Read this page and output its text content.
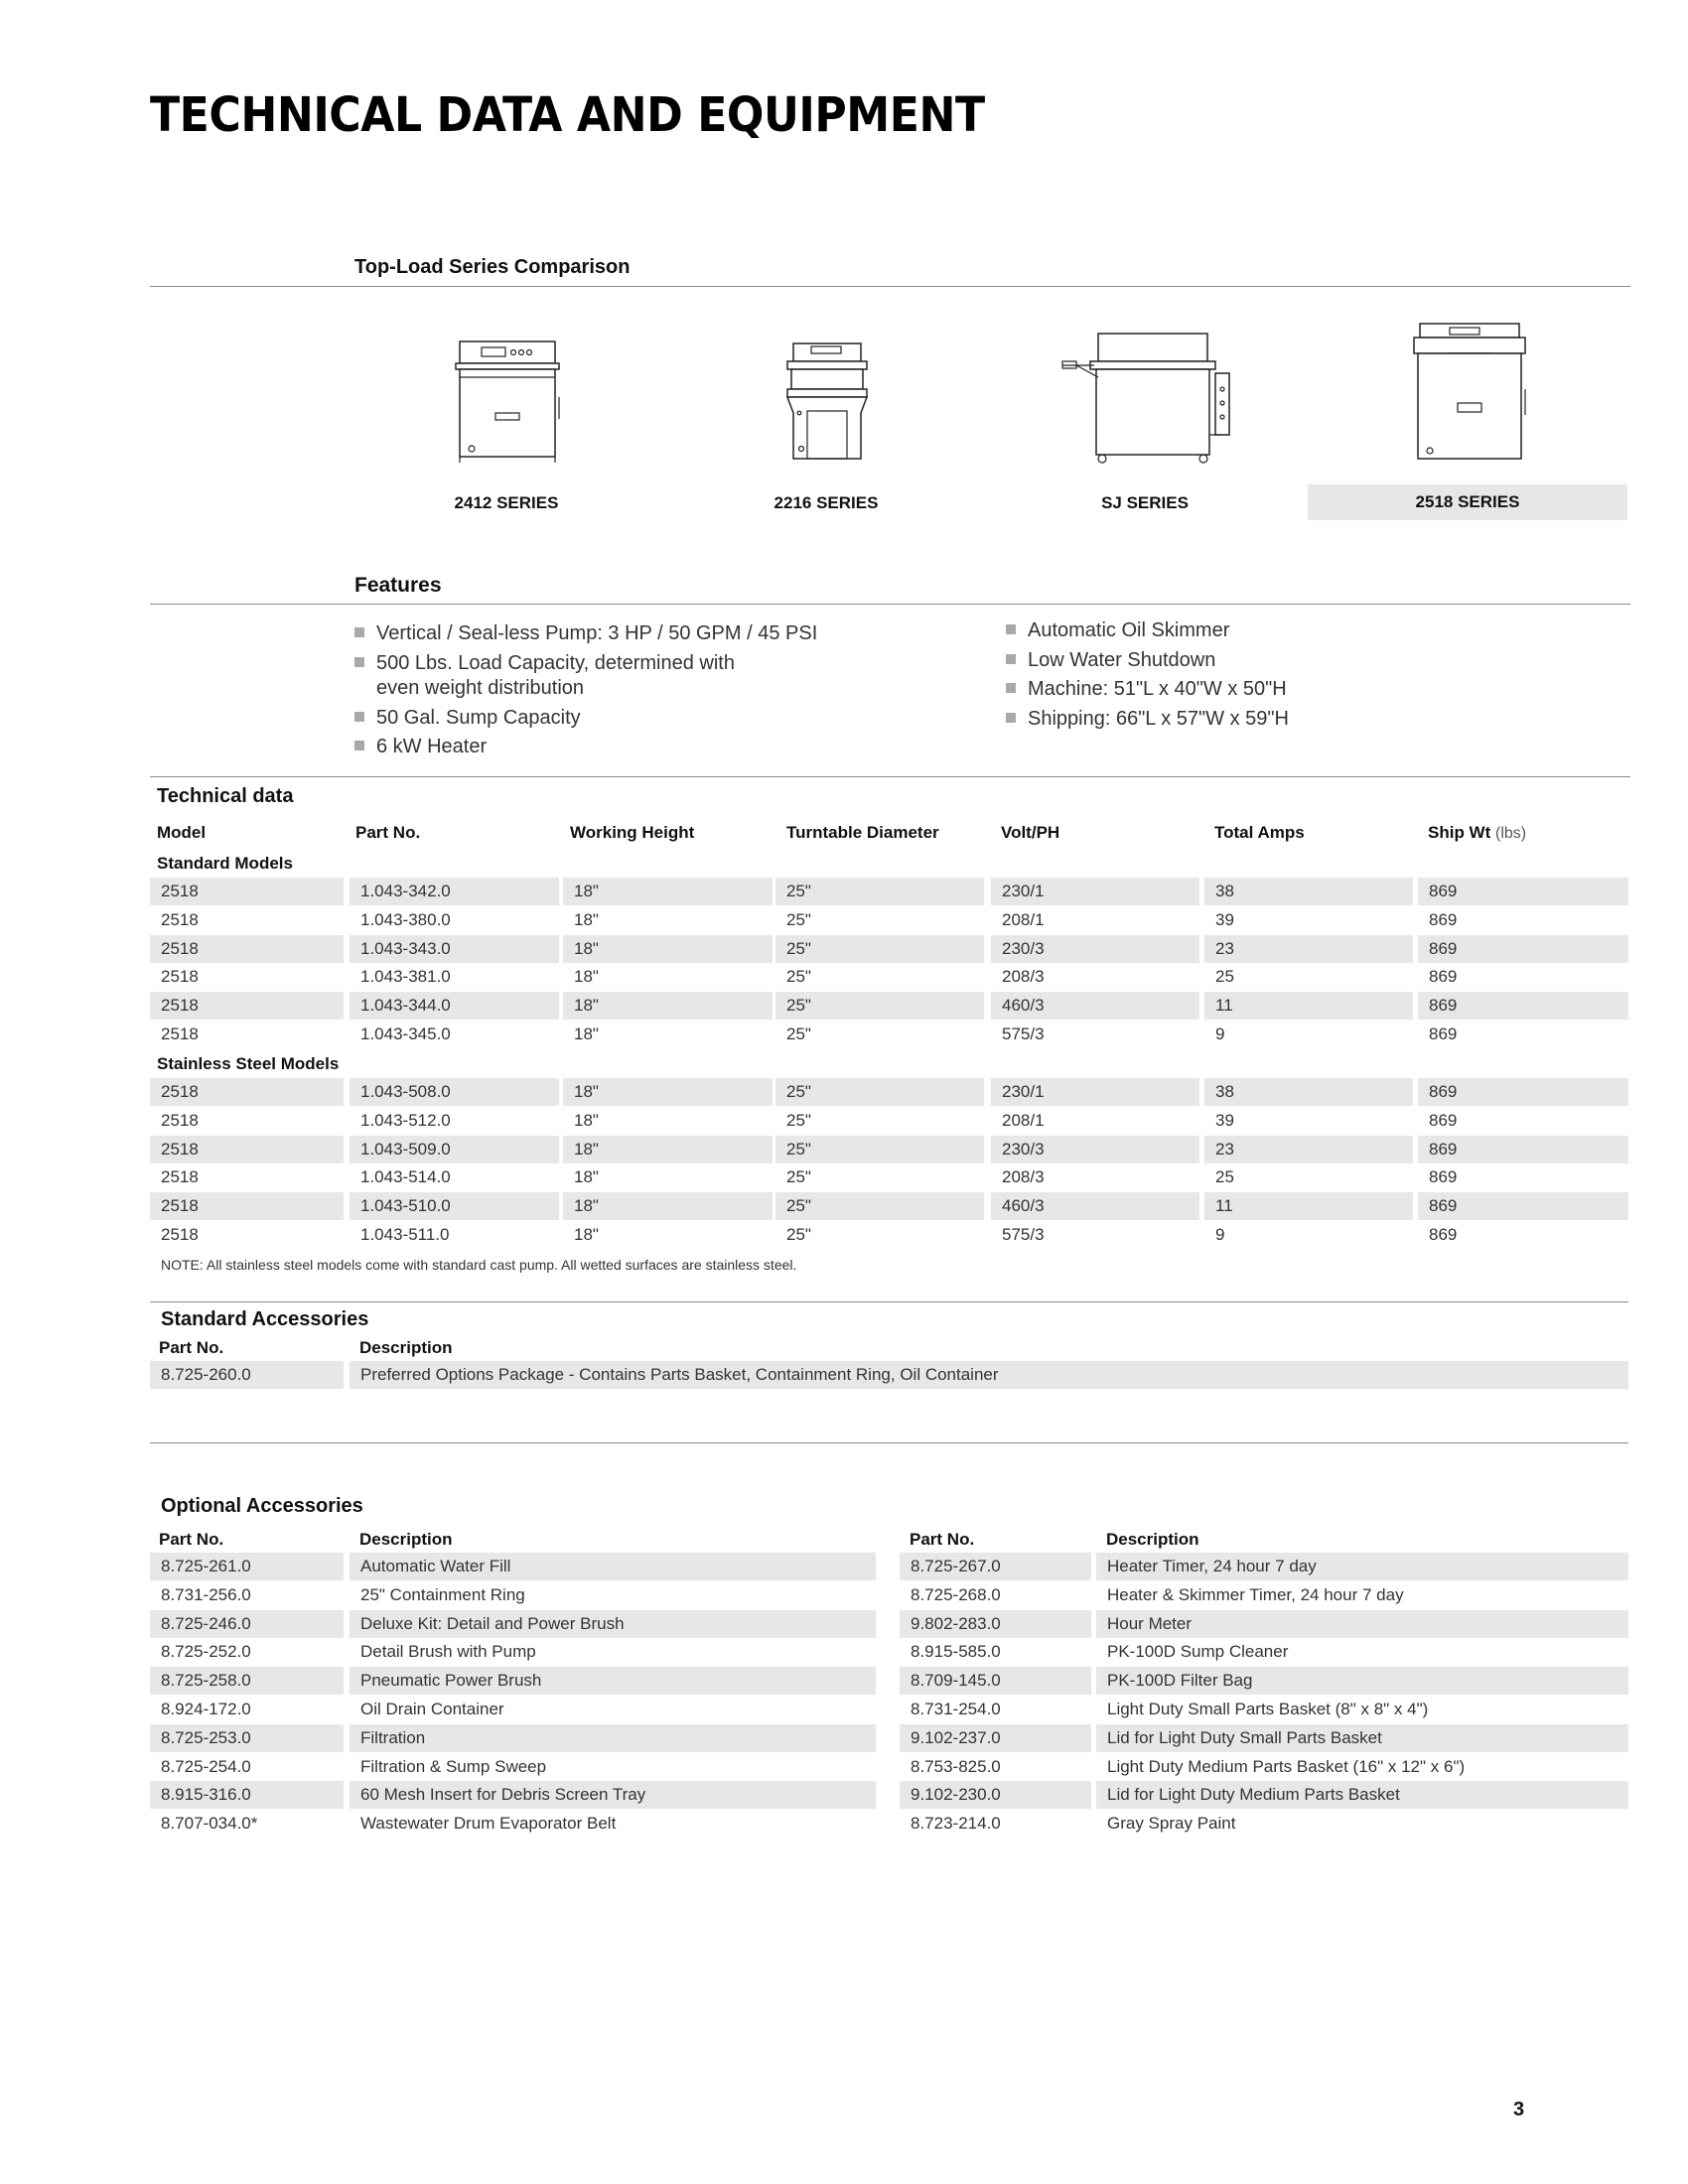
TECHNICAL DATA AND EQUIPMENT
Top-Load Series Comparison
2412 SERIES	2216 SERIES	SJ SERIES	2518 SERIES
Features
Vertical / Seal-less Pump: 3 HP / 50 GPM / 45 PSI
500 Lbs. Load Capacity, determined with
even weight distribution
50 Gal. Sump Capacity
6 kW Heater
Automatic Oil Skimmer
Low Water Shutdown
Machine: 51"L x 40"W x 50"H
Shipping: 66"L x 57"W x 59"H
Technical data
Model	Part No.	Working Height	Turntable Diameter	Volt/PH	Total Amps	Ship Wt (lbs)
Standard Models
2518	1.043-342.0	18"	25"	230/1	38	869
2518	1.043-380.0	18"	25"	208/1	39	869
2518	1.043-343.0	18"	25"	230/3	23	869
2518	1.043-381.0	18"	25"	208/3	25	869
2518	1.043-344.0	18"	25"	460/3	11	869
2518	1.043-345.0	18"	25"	575/3	9	869
Stainless Steel Models
2518	1.043-508.0	18"	25"	230/1	38	869
2518	1.043-512.0	18"	25"	208/1	39	869
2518	1.043-509.0	18"	25"	230/3	23	869
2518	1.043-514.0	18"	25"	208/3	25	869
2518	1.043-510.0	18"	25"	460/3	11	869
2518	1.043-511.0	18"	25"	575/3	9	869
NOTE: All stainless steel models come with standard cast pump. All wetted surfaces are stainless steel.
Standard Accessories
Part No.	Description
8.725-260.0	Preferred Options Package - Contains Parts Basket, Containment Ring, Oil Container
Optional Accessories
Part No.	Description	Part No.	Description
8.725-261.0	Automatic Water Fill
8.731-256.0	25" Containment Ring
8.725-246.0	Deluxe Kit: Detail and Power Brush
8.725-252.0	Detail Brush with Pump
8.725-258.0	Pneumatic Power Brush
8.924-172.0	Oil Drain Container
8.725-253.0	Filtration
8.725-254.0	Filtration & Sump Sweep
8.915-316.0	60 Mesh Insert for Debris Screen Tray
8.707-034.0*	Wastewater Drum Evaporator Belt
8.725-267.0	Heater Timer, 24 hour 7 day
8.725-268.0	Heater & Skimmer Timer, 24 hour 7 day
9.802-283.0	Hour Meter
8.915-585.0	PK-100D Sump Cleaner
8.709-145.0	PK-100D Filter Bag
8.731-254.0	Light Duty Small Parts Basket (8" x 8" x 4")
9.102-237.0	Lid for Light Duty Small Parts Basket
8.753-825.0	Light Duty Medium Parts Basket (16" x 12" x 6")
9.102-230.0	Lid for Light Duty Medium Parts Basket
8.723-214.0	Gray Spray Paint
3
